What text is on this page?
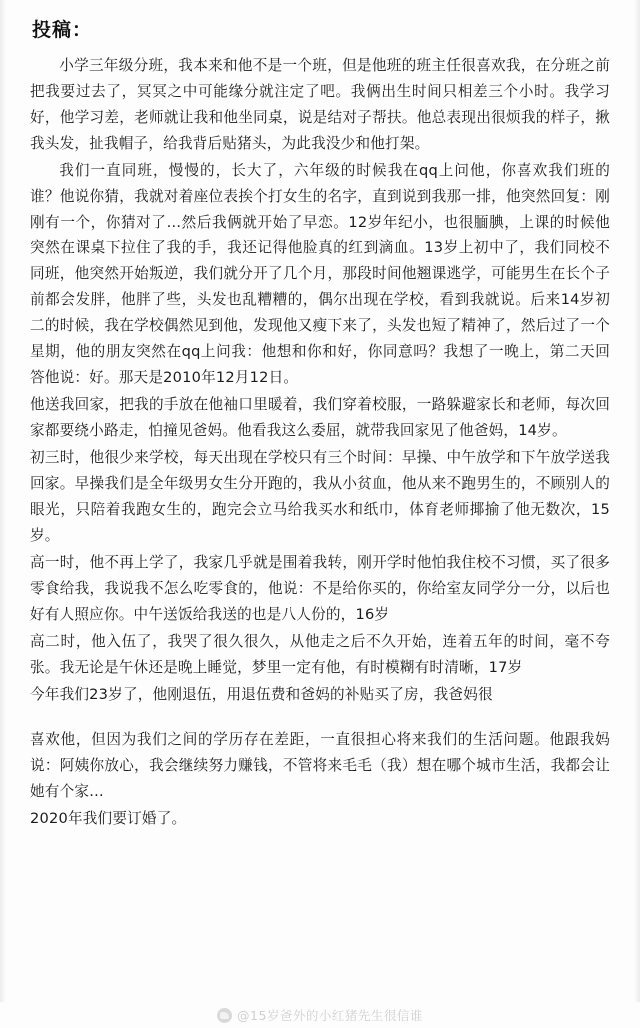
投稿：

小学三年级分班，我本来和他不是一个班，但是他班的班主任很喜欢我，在分班之前把我要过去了，冥冥之中可能缘分就注定了吧。我俩出生时间只相差三个小时。我学习好，他学习差，老师就让我和他坐同桌，说是结对子帮扶。他总表现出很烦我的样子，揪我头发，扯我帽子，给我背后贴猪头，为此我没少和他打架。

我们一直同班，慢慢的，长大了，六年级的时候我在qq上问他，你喜欢我们班的谁？他说你猜，我就对着座位表挨个打女生的名字，直到说到我那一排，他突然回复：刚刚有一个，你猜对了…然后我俩就开始了早恋。12岁年纪小，也很腼腆，上课的时候他突然在课桌下拉住了我的手，我还记得他脸真的红到滴血。13岁上初中了，我们同校不同班，他突然开始叛逆，我们就分开了几个月，那段时间他翘课逃学，可能男生在长个子前都会发胖，他胖了些，头发也乱糟糟的，偶尔出现在学校，看到我就说。后来14岁初二的时候，我在学校偶然见到他，发现他又瘦下来了，头发也短了精神了，然后过了一个星期，他的朋友突然在qq上问我：他想和你和好，你同意吗？我想了一晚上，第二天回答他说：好。那天是2010年12月12日。

他送我回家，把我的手放在他袖口里暖着，我们穿着校服，一路躲避家长和老师，每次回家都要绕小路走，怕撞见爸妈。他看我这么委屈，就带我回家见了他爸妈，14岁。

初三时，他很少来学校，每天出现在学校只有三个时间：早操、中午放学和下午放学送我回家。早操我们是全年级男女生分开跑的，我从小贫血，他从来不跑男生的，不顾别人的眼光，只陪着我跑女生的，跑完会立马给我买水和纸巾，体育老师揶揄了他无数次，15岁。

高一时，他不再上学了，我家几乎就是围着我转，刚开学时他怕我住校不习惯，买了很多零食给我，我说我不怎么吃零食的，他说：不是给你买的，你给室友同学分一分，以后也好有人照应你。中午送饭给我送的也是八人份的，16岁

高二时，他入伍了，我哭了很久很久，从他走之后不久开始，连着五年的时间，毫不夸张。我无论是午休还是晚上睡觉，梦里一定有他，有时模糊有时清晰，17岁

今年我们23岁了，他刚退伍，用退伍费和爸妈的补贴买了房，我爸妈很

喜欢他，但因为我们之间的学历存在差距，一直很担心将来我们的生活问题。他跟我妈说：阿姨你放心，我会继续努力赚钱，不管将来毛毛（我）想在哪个城市生活，我都会让她有个家…

2020年我们要订婚了。

@15岁爸外的小红猪先生很信谁
